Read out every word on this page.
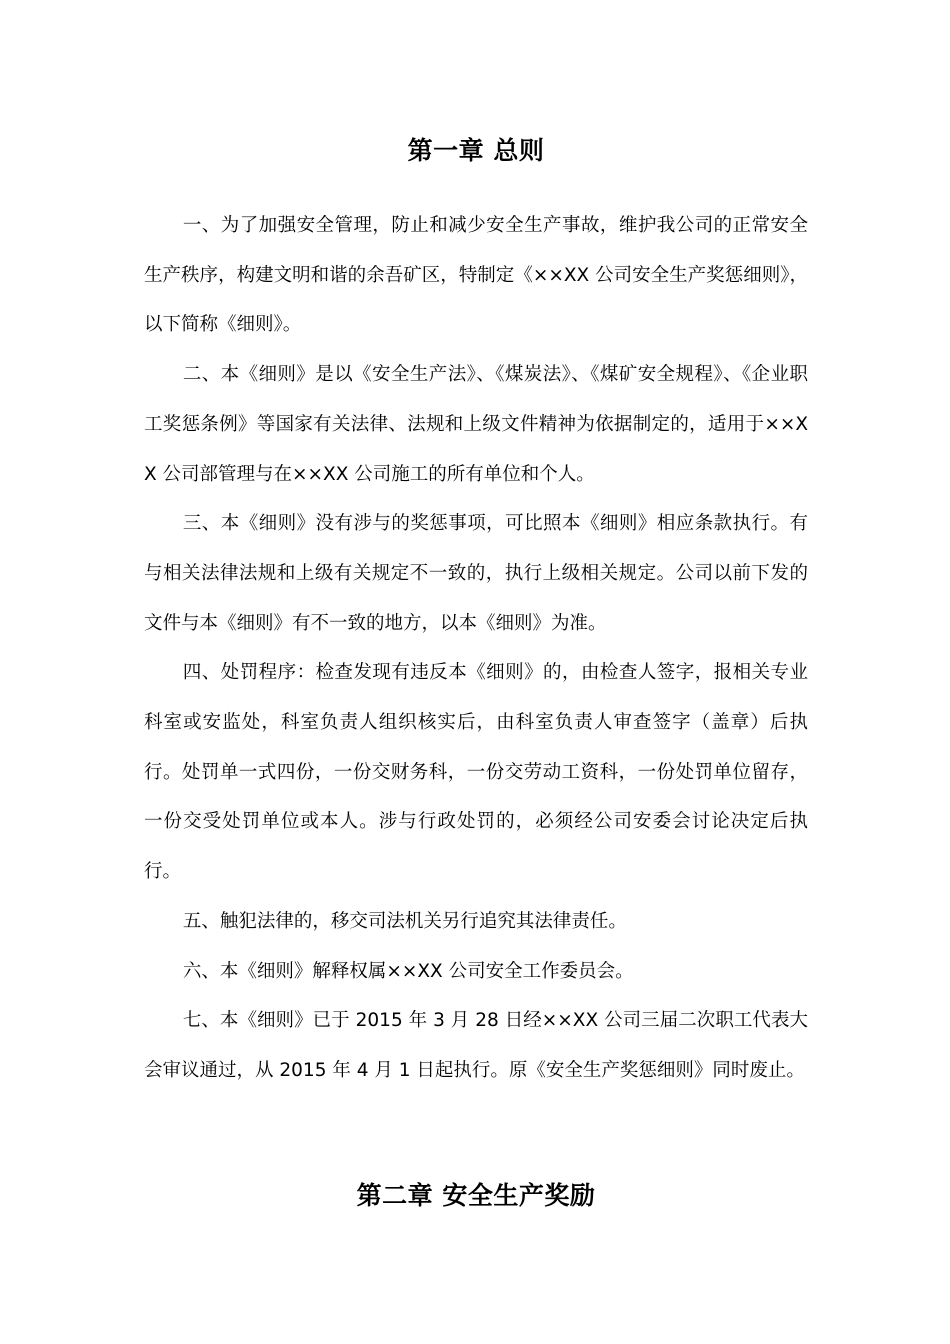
第一章 总则

一、为了加强安全管理，防止和减少安全生产事故，维护我公司的正常安全生产秩序，构建文明和谐的余吾矿区，特制定《××XX 公司安全生产奖惩细则》，以下简称《细则》。

二、本《细则》是以《安全生产法》、《煤炭法》、《煤矿安全规程》、《企业职工奖惩条例》等国家有关法律、法规和上级文件精神为依据制定的，适用于××XX 公司部管理与在××XX 公司施工的所有单位和个人。

三、本《细则》没有涉与的奖惩事项，可比照本《细则》相应条款执行。有与相关法律法规和上级有关规定不一致的，执行上级相关规定。公司以前下发的文件与本《细则》有不一致的地方，以本《细则》为准。

四、处罚程序：检查发现有违反本《细则》的，由检查人签字，报相关专业科室或安监处，科室负责人组织核实后，由科室负责人审查签字（盖章）后执行。处罚单一式四份，一份交财务科，一份交劳动工资科，一份处罚单位留存，一份交受处罚单位或本人。涉与行政处罚的，必须经公司安委会讨论决定后执行。

五、触犯法律的，移交司法机关另行追究其法律责任。

六、本《细则》解释权属××XX 公司安全工作委员会。

七、本《细则》已于 2015 年 3 月 28 日经××XX 公司三届二次职工代表大会审议通过，从 2015 年 4 月 1 日起执行。原《安全生产奖惩细则》同时废止。

第二章 安全生产奖励
